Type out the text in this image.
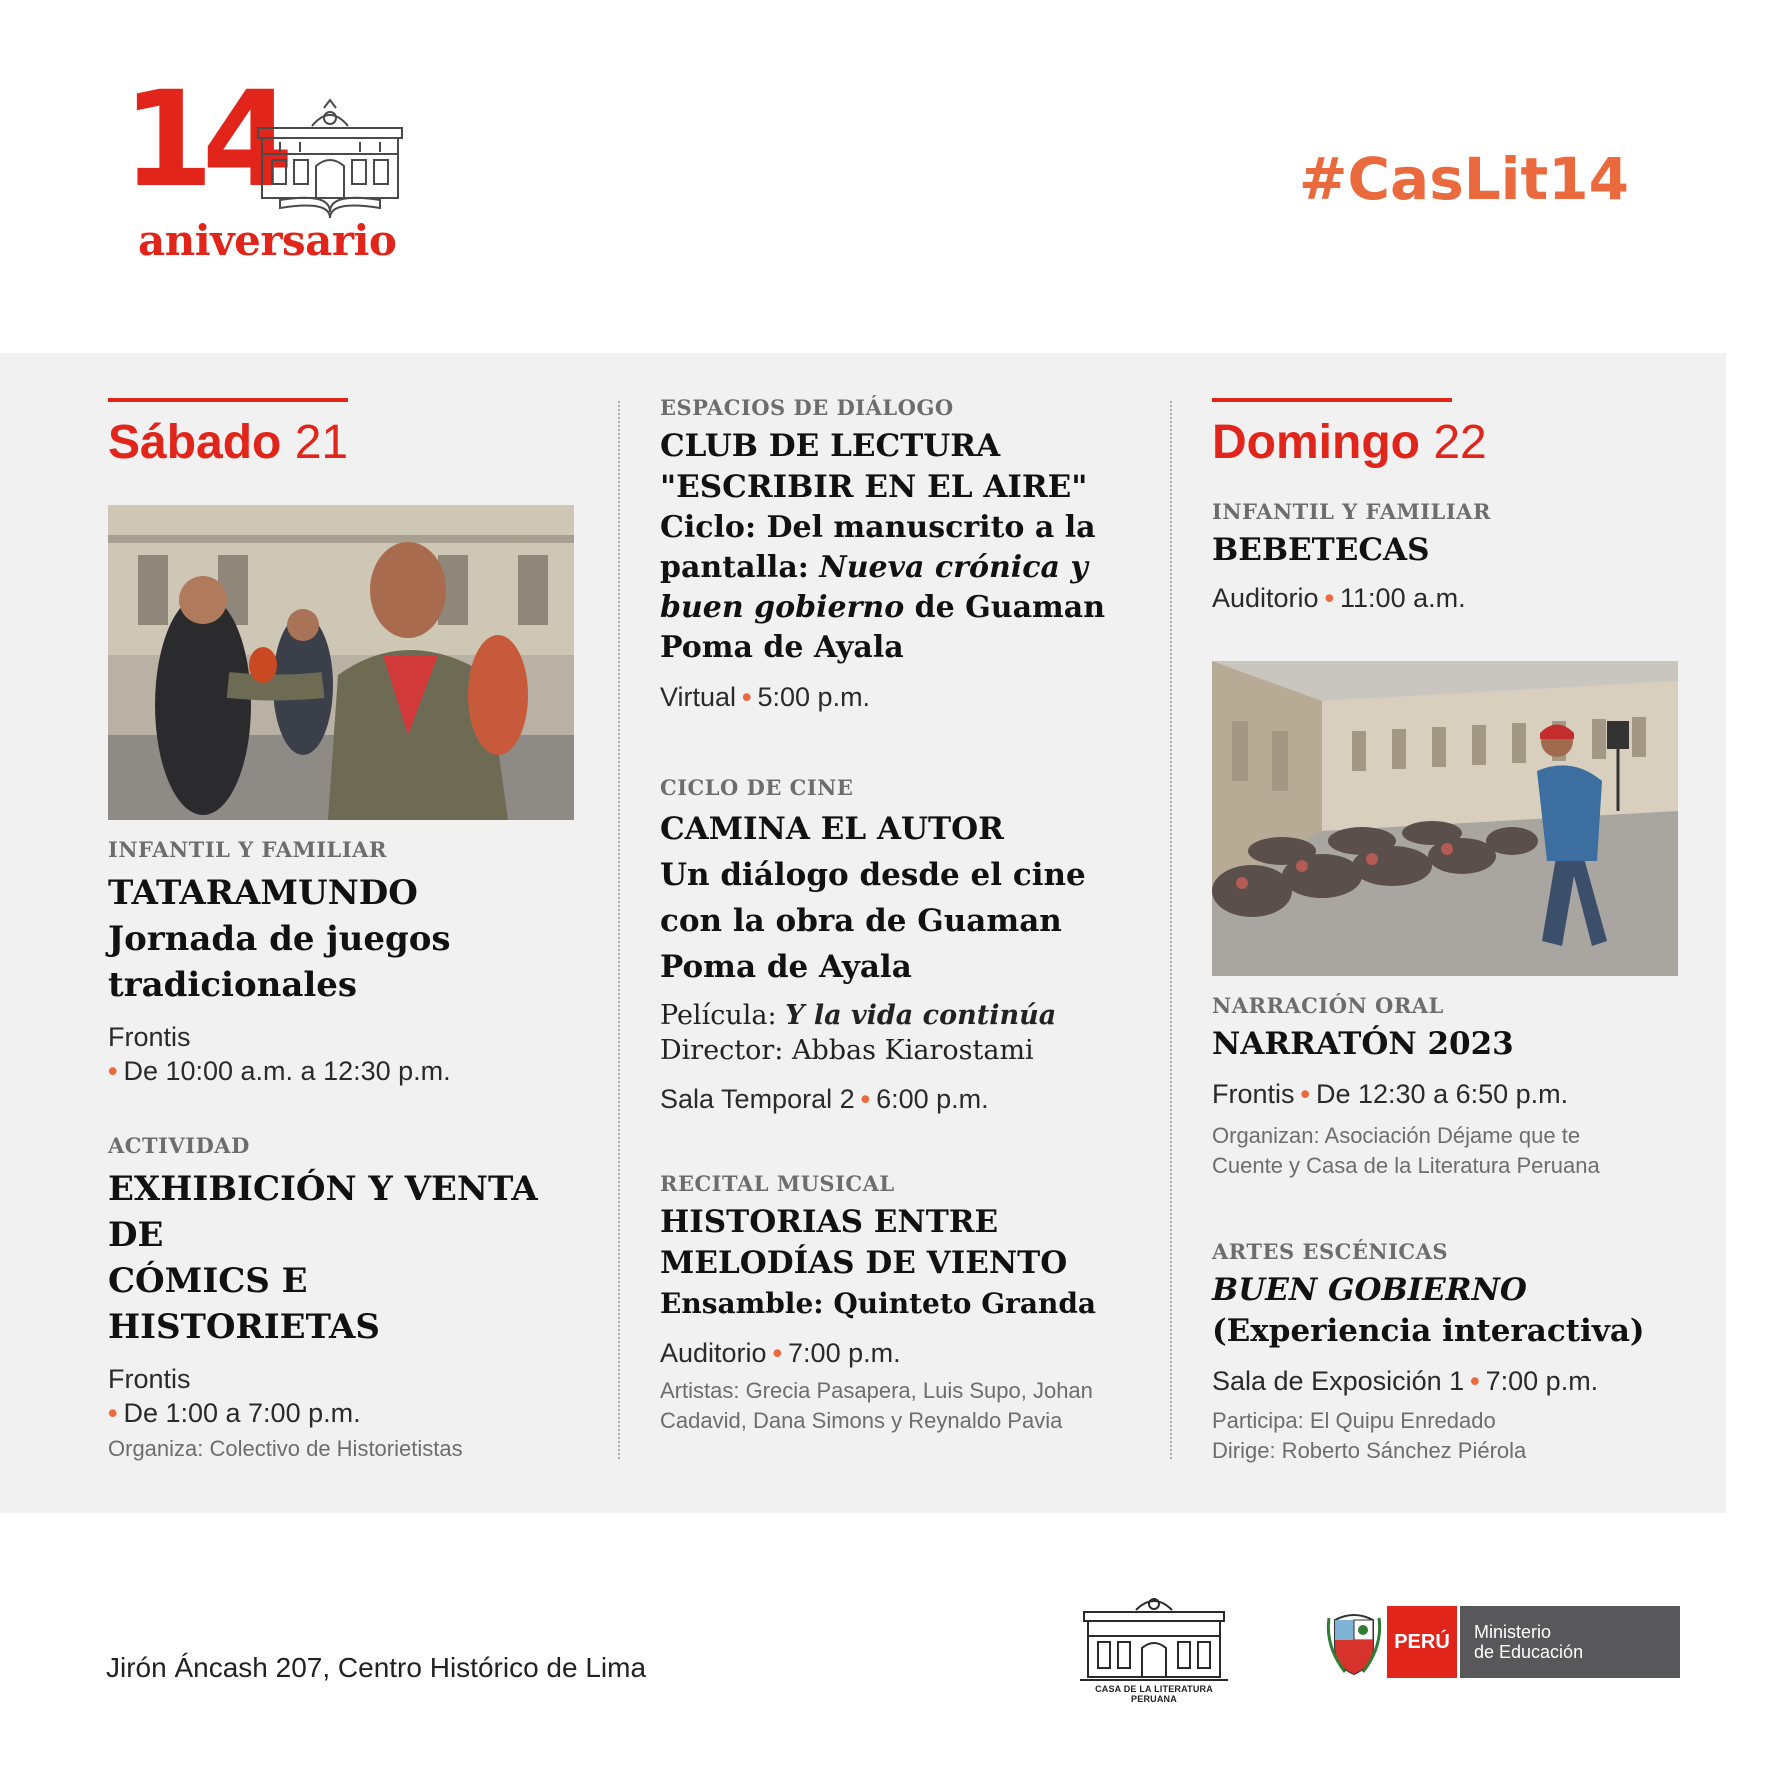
14
aniversario
#CasLit14
Sábado 21
INFANTIL Y FAMILIAR
TATARAMUNDO
Jornada de juegos
tradicionales
Frontis
• De 10:00 a.m. a 12:30 p.m.
ACTIVIDAD
EXHIBICIÓN Y VENTA DE
CÓMICS E HISTORIETAS
Frontis
• De 1:00 a 7:00 p.m.
Organiza: Colectivo de Historietistas
ESPACIOS DE DIÁLOGO
CLUB DE LECTURA
"ESCRIBIR EN EL AIRE"
Ciclo: Del manuscrito a la
pantalla: Nueva crónica y
buen gobierno de Guaman
Poma de Ayala
Virtual • 5:00 p.m.
CICLO DE CINE
CAMINA EL AUTOR
Un diálogo desde el cine
con la obra de Guaman
Poma de Ayala
Película: Y la vida continúa
Director: Abbas Kiarostami
Sala Temporal 2 • 6:00 p.m.
RECITAL MUSICAL
HISTORIAS ENTRE
MELODÍAS DE VIENTO
Ensamble: Quinteto Granda
Auditorio • 7:00 p.m.
Artistas: Grecia Pasapera, Luis Supo, Johan
Cadavid, Dana Simons y Reynaldo Pavia
Domingo 22
INFANTIL Y FAMILIAR
BEBETECAS
Auditorio • 11:00 a.m.
NARRACIÓN ORAL
NARRATÓN 2023
Frontis • De 12:30 a 6:50 p.m.
Organizan: Asociación Déjame que te
Cuente y Casa de la Literatura Peruana
ARTES ESCÉNICAS
BUEN GOBIERNO
(Experiencia interactiva)
Sala de Exposición 1 • 7:00 p.m.
Participa: El Quipu Enredado
Dirige: Roberto Sánchez Piérola
Jirón Áncash 207, Centro Histórico de Lima
CASA DE LA LITERATURA PERUANA
PERÚ	Ministerio
de Educación
